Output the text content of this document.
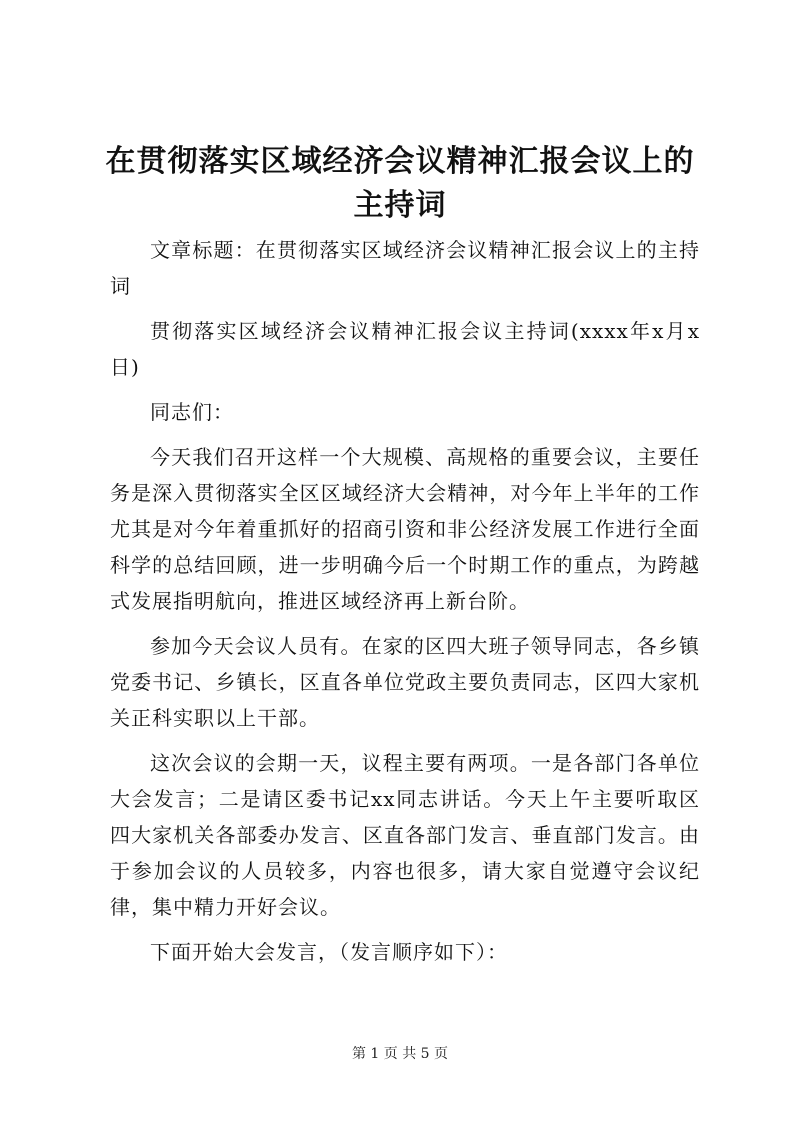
在贯彻落实区域经济会议精神汇报会议上的主持词

文章标题：在贯彻落实区域经济会议精神汇报会议上的主持词

贯彻落实区域经济会议精神汇报会议主持词(xxxx年x月x日)

同志们：

今天我们召开这样一个大规模、高规格的重要会议，主要任务是深入贯彻落实全区区域经济大会精神，对今年上半年的工作尤其是对今年着重抓好的招商引资和非公经济发展工作进行全面科学的总结回顾，进一步明确今后一个时期工作的重点，为跨越式发展指明航向，推进区域经济再上新台阶。

参加今天会议人员有。在家的区四大班子领导同志，各乡镇党委书记、乡镇长，区直各单位党政主要负责同志，区四大家机关正科实职以上干部。

这次会议的会期一天，议程主要有两项。一是各部门各单位大会发言；二是请区委书记xx同志讲话。今天上午主要听取区四大家机关各部委办发言、区直各部门发言、垂直部门发言。由于参加会议的人员较多，内容也很多，请大家自觉遵守会议纪律，集中精力开好会议。

下面开始大会发言，（发言顺序如下）：

第 1 页 共 5 页
